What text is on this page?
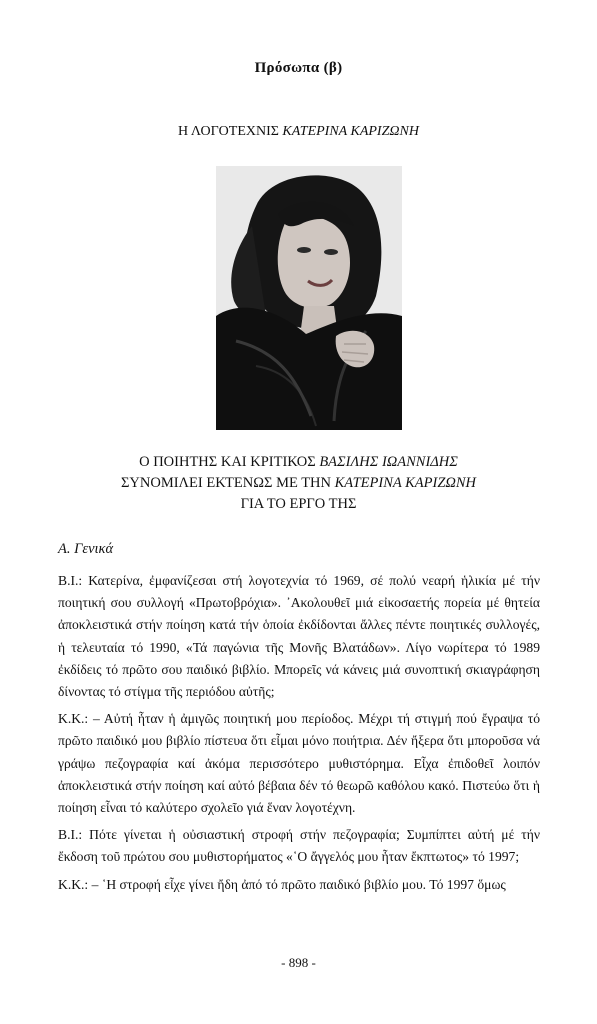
Πρόσωπα (β)
Η ΛΟΓΟΤΕΧΝΙΣ ΚΑΤΕΡΙΝΑ ΚΑΡΙΖΩΝΗ
Ο ΠΟΙΗΤΗΣ ΚΑΙ ΚΡΙΤΙΚΟΣ ΒΑΣΙΛΗΣ ΙΩΑΝΝΙΔΗΣ
ΣΥΝΟΜΙΛΕΙ ΕΚΤΕΝΩΣ ΜΕ ΤΗΝ ΚΑΤΕΡΙΝΑ ΚΑΡΙΖΩΝΗ
ΓΙΑ ΤΟ ΕΡΓΟ ΤΗΣ
Α. Γενικά

Β.Ι.: Κατερίνα, ἐμφανίζεσαι στή λογοτεχνία τό 1969, σέ πολύ νεαρή ἡλικία μέ τήν ποιητική σου συλλογή «Πρωτοβρόχια». ᾿Ακολουθεῖ μιά εἰκοσαετής πορεία μέ θητεία ἀποκλειστικά στήν ποίηση κατά τήν ὁποία ἐκδίδονται ἄλλες πέντε ποιητικές συλλογές, ἡ τελευταία τό 1990, «Τά παγώνια τῆς Μονῆς Βλατάδων». Λίγο νωρίτερα τό 1989 ἐκδίδεις τό πρῶτο σου παιδικό βιβλίο. Μπορεῖς νά κάνεις μιά συνοπτική σκιαγράφηση δίνοντας τό στίγμα τῆς περιόδου αὐτῆς;

Κ.Κ.: – Αὐτή ἦταν ἡ ἀμιγῶς ποιητική μου περίοδος. Μέχρι τή στιγμή πού ἔγραψα τό πρῶτο παιδικό μου βιβλίο πίστευα ὅτι εἶμαι μόνο ποιήτρια. Δέν ἤξερα ὅτι μποροῦσα νά γράψω πεζογραφία καί ἀκόμα περισσότερο μυθιστόρημα. Εἶχα ἐπιδοθεῖ λοιπόν ἀποκλειστικά στήν ποίηση καί αὐτό βέβαια δέν τό θεωρῶ καθόλου κακό. Πιστεύω ὅτι ἡ ποίηση εἶναι τό καλύτερο σχολεῖο γιά ἕναν λογοτέχνη.

Β.Ι.: Πότε γίνεται ἡ οὐσιαστική στροφή στήν πεζογραφία; Συμπίπτει αὐτή μέ τήν ἔκδοση τοῦ πρώτου σου μυθιστορήματος «῾Ο ἄγγελός μου ἦταν ἔκπτωτος» τό 1997;

Κ.Κ.: – ῾Η στροφή εἶχε γίνει ἤδη ἀπό τό πρῶτο παιδικό βιβλίο μου. Τό 1997 ὅμως

- 898 -
